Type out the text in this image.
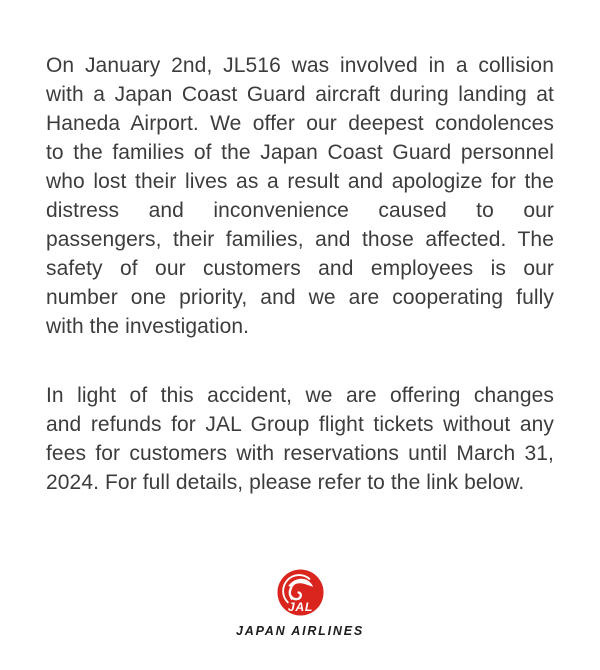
On January 2nd, JL516 was involved in a collision
with a Japan Coast Guard aircraft during landing at
Haneda Airport. We offer our deepest condolences
to the families of the Japan Coast Guard personnel
who lost their lives as a result and apologize for the
distress and inconvenience caused to our
passengers, their families, and those affected. The
safety of our customers and employees is our
number one priority, and we are cooperating fully
with the investigation.
In light of this accident, we are offering changes
and refunds for JAL Group flight tickets without any
fees for customers with reservations until March 31,
2024. For full details, please refer to the link below.
JAL
JAPAN AIRLINES
